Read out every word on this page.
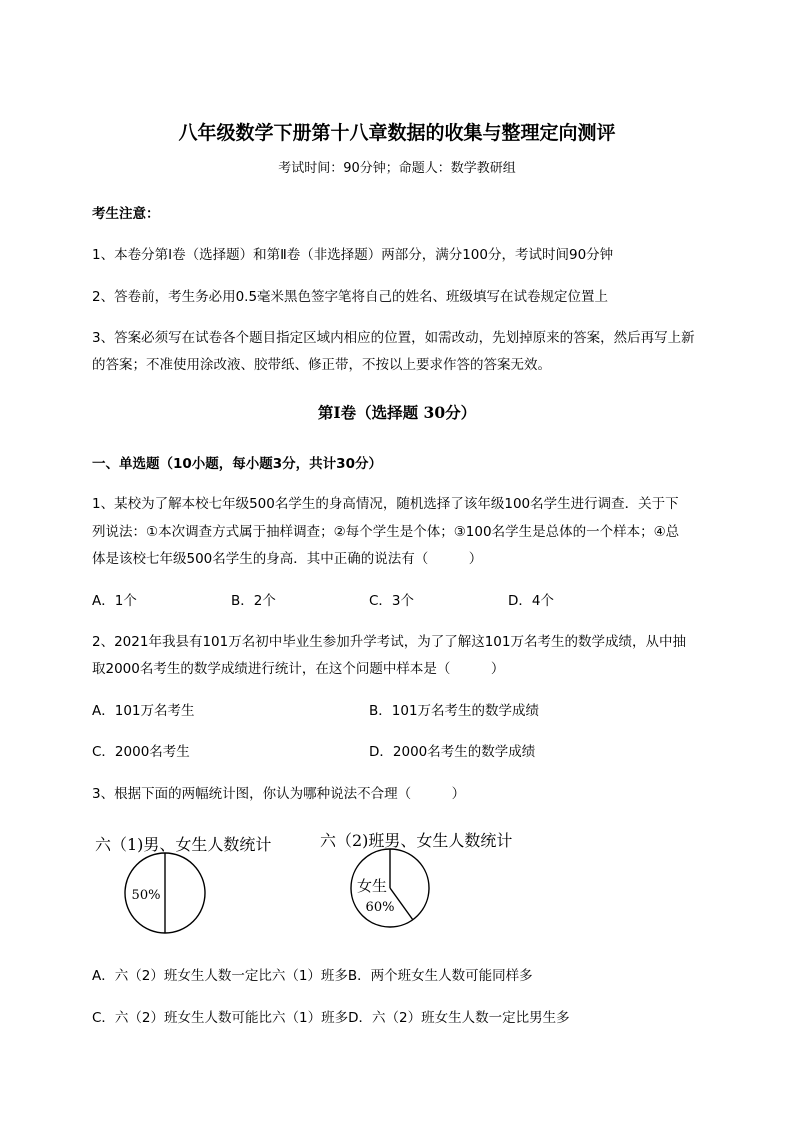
八年级数学下册第十八章数据的收集与整理定向测评
考试时间：90分钟；命题人：数学教研组
考生注意：
1、本卷分第Ⅰ卷（选择题）和第Ⅱ卷（非选择题）两部分，满分100分，考试时间90分钟
2、答卷前，考生务必用0.5毫米黑色签字笔将自己的姓名、班级填写在试卷规定位置上
3、答案必须写在试卷各个题目指定区域内相应的位置，如需改动，先划掉原来的答案，然后再写上新
的答案；不准使用涂改液、胶带纸、修正带，不按以上要求作答的答案无效。
第Ⅰ卷（选择题 30分）
一、单选题（10小题，每小题3分，共计30分）
1、某校为了解本校七年级500名学生的身高情况，随机选择了该年级100名学生进行调查．关于下
列说法：①本次调查方式属于抽样调查；②每个学生是个体；③100名学生是总体的一个样本；④总
体是该校七年级500名学生的身高．其中正确的说法有（　　　）
A．1个	B．2个	C．3个	D．4个
2、2021年我县有101万名初中毕业生参加升学考试，为了了解这101万名考生的数学成绩，从中抽
取2000名考生的数学成绩进行统计，在这个问题中样本是（　　　）
A．101万名考生	B．101万名考生的数学成绩
C．2000名考生	D．2000名考生的数学成绩
3、根据下面的两幅统计图，你认为哪种说法不合理（　　　）
六（1)男、女生人数统计	六（2)班男、女生人数统计
50%
女生
60%
A．六（2）班女生人数一定比六（1）班多B．两个班女生人数可能同样多
C．六（2）班女生人数可能比六（1）班多D．六（2）班女生人数一定比男生多
